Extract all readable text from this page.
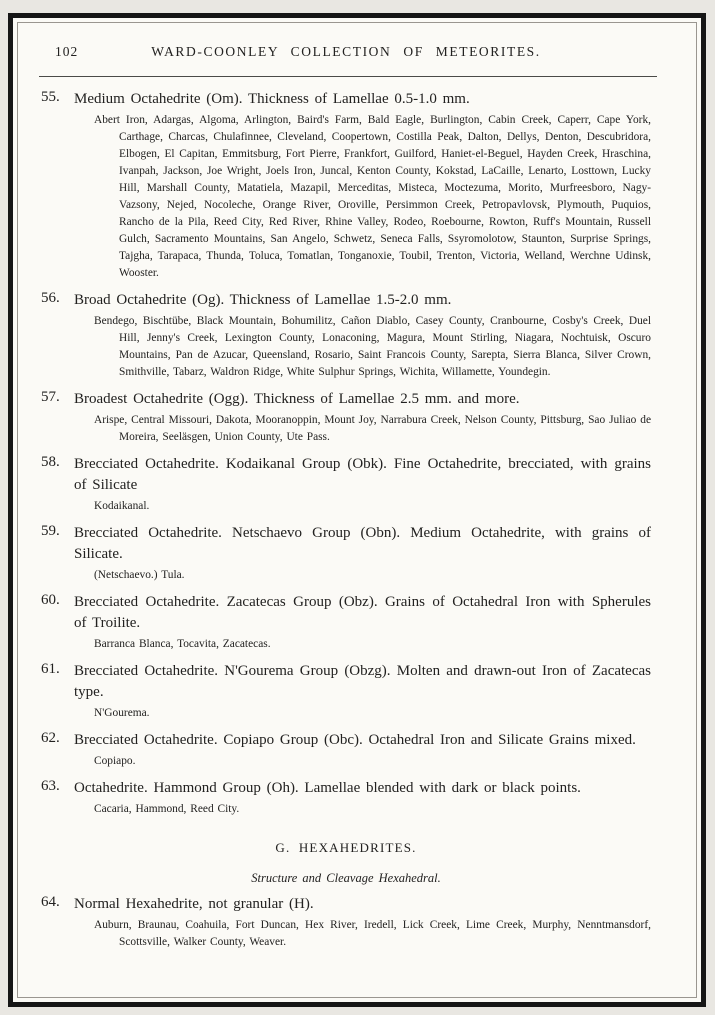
102	WARD-COONLEY COLLECTION OF METEORITES.
55. Medium Octahedrite (Om). Thickness of Lamellae 0.5-1.0 mm.
Abert Iron, Adargas, Algoma, Arlington, Baird's Farm, Bald Eagle, Burlington, Cabin Creek, Caperr, Cape York, Carthage, Charcas, Chulafinnee, Cleveland, Coopertown, Costilla Peak, Dalton, Dellys, Denton, Descubridora, Elbogen, El Capitan, Emmitsburg, Fort Pierre, Frankfort, Guilford, Haniet-el-Beguel, Hayden Creek, Hraschina, Ivanpah, Jackson, Joe Wright, Joels Iron, Juncal, Kenton County, Kokstad, LaCaille, Lenarto, Losttown, Lucky Hill, Marshall County, Matatiela, Mazapil, Merceditas, Misteca, Moctezuma, Morito, Murfreesboro, Nagy-Vazsony, Nejed, Nocoleche, Orange River, Oroville, Persimmon Creek, Petropavlovsk, Plymouth, Puquios, Rancho de la Pila, Reed City, Red River, Rhine Valley, Rodeo, Roebourne, Rowton, Ruff's Mountain, Russell Gulch, Sacramento Mountains, San Angelo, Schwetz, Seneca Falls, Ssyromolotow, Staunton, Surprise Springs, Tajgha, Tarapaca, Thunda, Toluca, Tomatlan, Tonganoxie, Toubil, Trenton, Victoria, Welland, Werchne Udinsk, Wooster.
56. Broad Octahedrite (Og). Thickness of Lamellae 1.5-2.0 mm.
Bendego, Bischtübe, Black Mountain, Bohumilitz, Cañon Diablo, Casey County, Cranbourne, Cosby's Creek, Duel Hill, Jenny's Creek, Lexington County, Lonaconing, Magura, Mount Stirling, Niagara, Nochtuisk, Oscuro Mountains, Pan de Azucar, Queensland, Rosario, Saint Francois County, Sarepta, Sierra Blanca, Silver Crown, Smithville, Tabarz, Waldron Ridge, White Sulphur Springs, Wichita, Willamette, Youndegin.
57. Broadest Octahedrite (Ogg). Thickness of Lamellae 2.5 mm. and more.
Arispe, Central Missouri, Dakota, Mooranoppin, Mount Joy, Narrabura Creek, Nelson County, Pittsburg, Sao Juliao de Moreira, Seeläsgen, Union County, Ute Pass.
58. Brecciated Octahedrite. Kodaikanal Group (Obk). Fine Octahedrite, brecciated, with grains of Silicate
Kodaikanal.
59. Brecciated Octahedrite. Netschaevo Group (Obn). Medium Octahedrite, with grains of Silicate.
(Netschaevo.) Tula.
60. Brecciated Octahedrite. Zacatecas Group (Obz). Grains of Octahedral Iron with Spherules of Troilite.
Barranca Blanca, Tocavita, Zacatecas.
61. Brecciated Octahedrite. N'Gourema Group (Obzg). Molten and drawn-out Iron of Zacatecas type.
N'Gourema.
62. Brecciated Octahedrite. Copiapo Group (Obc). Octahedral Iron and Silicate Grains mixed.
Copiapo.
63. Octahedrite. Hammond Group (Oh). Lamellae blended with dark or black points.
Cacaria, Hammond, Reed City.
G. HEXAHEDRITES.
Structure and Cleavage Hexahedral.
64. Normal Hexahedrite, not granular (H).
Auburn, Braunau, Coahuila, Fort Duncan, Hex River, Iredell, Lick Creek, Lime Creek, Murphy, Nenntmansdorf, Scottsville, Walker County, Weaver.
